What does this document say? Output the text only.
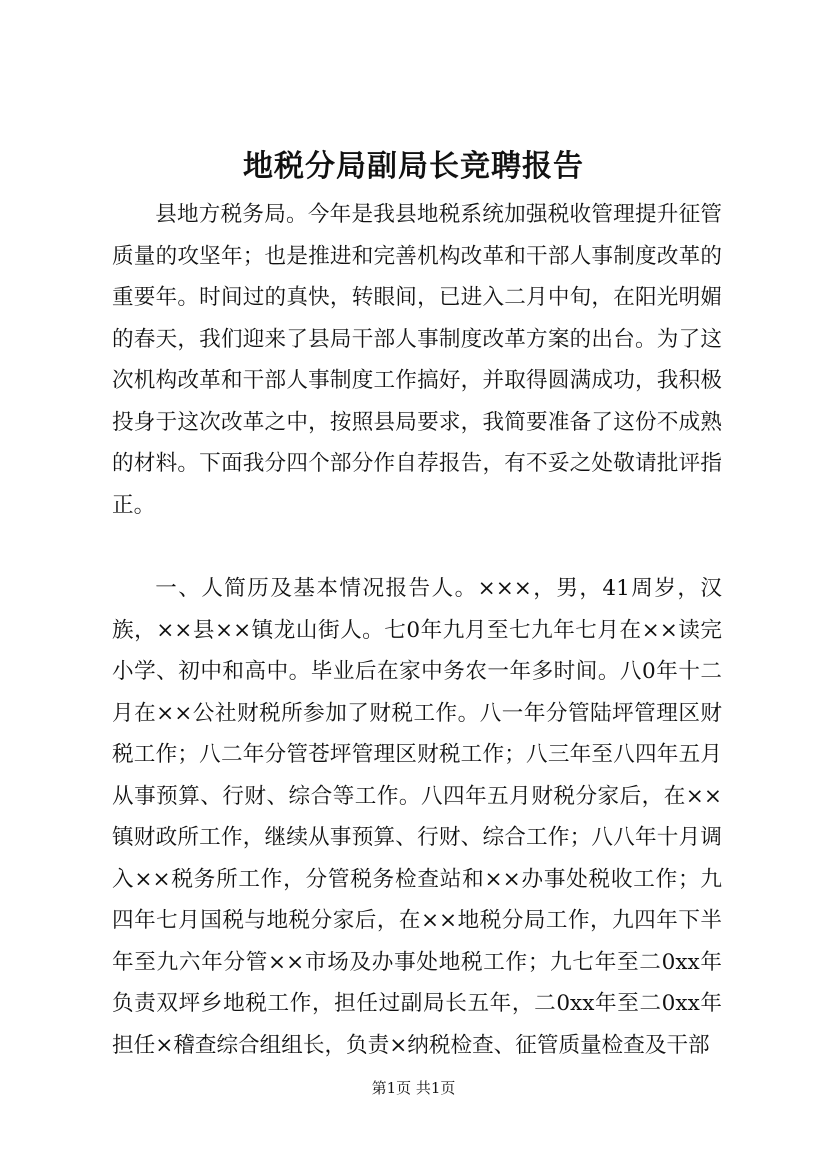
地税分局副局长竞聘报告

县地方税务局。今年是我县地税系统加强税收管理提升征管质量的攻坚年；也是推进和完善机构改革和干部人事制度改革的重要年。时间过的真快，转眼间，已进入二月中旬，在阳光明媚的春天，我们迎来了县局干部人事制度改革方案的出台。为了这次机构改革和干部人事制度工作搞好，并取得圆满成功，我积极投身于这次改革之中，按照县局要求，我简要准备了这份不成熟的材料。下面我分四个部分作自荐报告，有不妥之处敬请批评指正。

一、人简历及基本情况报告人。×××，男，41周岁，汉族，××县××镇龙山街人。七0年九月至七九年七月在××读完小学、初中和高中。毕业后在家中务农一年多时间。八0年十二月在××公社财税所参加了财税工作。八一年分管陆坪管理区财税工作；八二年分管苍坪管理区财税工作；八三年至八四年五月从事预算、行财、综合等工作。八四年五月财税分家后，在××镇财政所工作，继续从事预算、行财、综合工作；八八年十月调入××税务所工作，分管税务检查站和××办事处税收工作；九四年七月国税与地税分家后，在××地税分局工作，九四年下半年至九六年分管××市场及办事处地税工作；九七年至二0xx年负责双坪乡地税工作，担任过副局长五年，二0xx年至二0xx年担任×稽查综合组组长，负责×纳税检查、征管质量检查及干部

第1页 共1页
